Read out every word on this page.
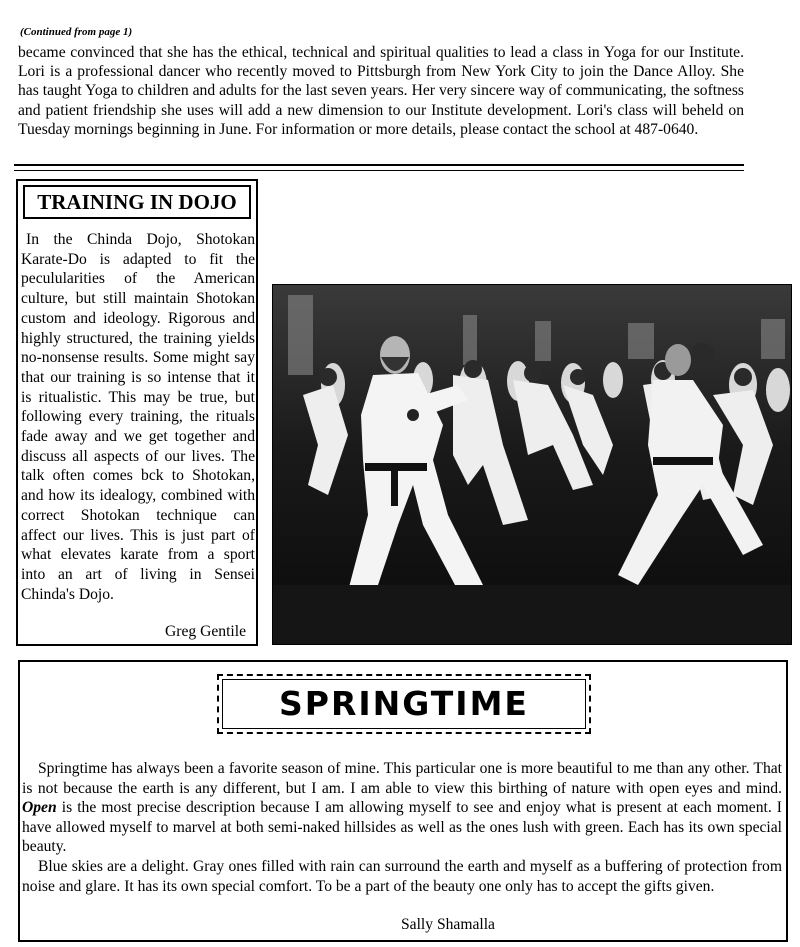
(Continued from page 1)
became convinced that she has the ethical, technical and spiritual qualities to lead a class in Yoga for our Institute. Lori is a professional dancer who recently moved to Pittsburgh from New York City to join the Dance Alloy. She has taught Yoga to children and adults for the last seven years. Her very sincere way of communicating, the softness and patient friendship she uses will add a new dimension to our Institute development. Lori's class will beheld on Tuesday mornings beginning in June. For information or more details, please contact the school at 487-0640.
TRAINING IN DOJO

In the Chinda Dojo, Shotokan Karate-Do is adapted to fit the peculularities of the American culture, but still maintain Shotokan custom and ideology. Rigorous and highly structured, the training yields no-nonsense results. Some might say that our training is so intense that it is ritualistic. This may be true, but following every training, the rituals fade away and we get together and discuss all aspects of our lives. The talk often comes bck to Shotokan, and how its idealogy, combined with correct Shotokan technique can affect our lives. This is just part of what elevates karate from a sport into an art of living in Sensei Chinda's Dojo.

Greg Gentile
SPRINGTIME

Springtime has always been a favorite season of mine. This particular one is more beautiful to me than any other. That is not because the earth is any different, but I am. I am able to view this birthing of nature with open eyes and mind. Open is the most precise description because I am allowing myself to see and enjoy what is present at each moment. I have allowed myself to marvel at both semi-naked hillsides as well as the ones lush with green. Each has its own special beauty.

Blue skies are a delight. Gray ones filled with rain can surround the earth and myself as a buffering of protection from noise and glare. It has its own special comfort. To be a part of the beauty one only has to accept the gifts given.

Sally Shamalla
